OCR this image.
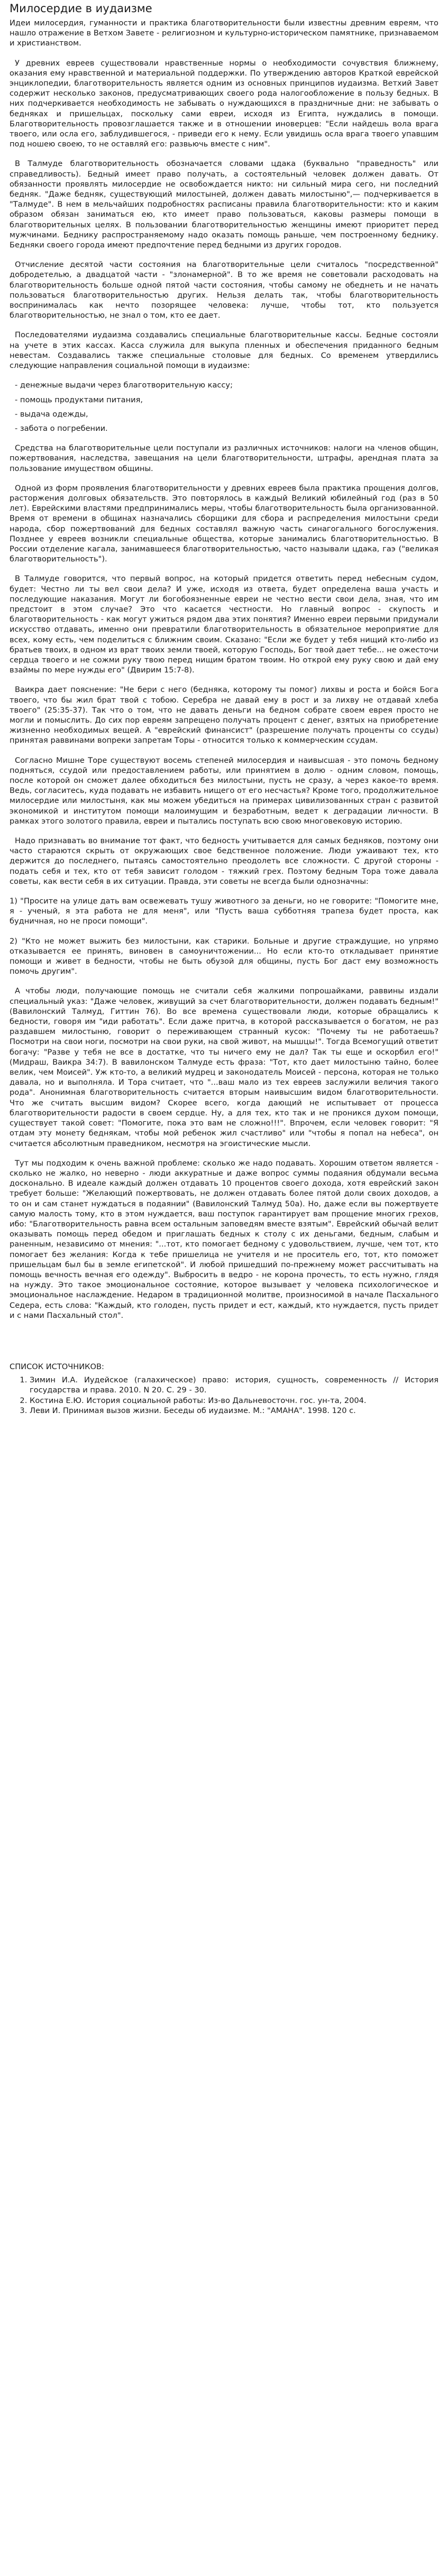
Милосердие в иудаизме

Идеи милосердия, гуманности и практика благотворительности были известны древним евреям, что нашло отражение в Ветхом Завете - религиозном и культурно-историческом памятнике, признаваемом и христианством.

У древних евреев существовали нравственные нормы о необходимости сочувствия ближнему, оказания ему нравственной и материальной поддержки. По утверждению авторов Краткой еврейской энциклопедии, благотворительность является одним из основных принципов иудаизма. Ветхий Завет содержит несколько законов, предусматривающих своего рода налогообложение в пользу бедных. В них подчеркивается необходимость не забывать о нуждающихся в праздничные дни: не забывать о бедняках и пришельцах, поскольку сами евреи, исходя из Египта, нуждались в помощи. Благотворительность провозглашается также и в отношении иноверцев: "Если найдешь вола врага твоего, или осла его, заблудившегося, - приведи его к нему. Если увидишь осла врага твоего упавшим под ношею своею, то не оставляй его: развьючь вместе с ним".

В Талмуде благотворительность обозначается словами цдака (буквально "праведность" или справедливость). Бедный имеет право получать, а состоятельный человек должен давать. От обязанности проявлять милосердие не освобождается никто: ни сильный мира сего, ни последний бедняк. "Даже бедняк, существующий милостыней, должен давать милостыню",— подчеркивается в "Талмуде". В нем в мельчайших подробностях расписаны правила благотворительности: кто и каким образом обязан заниматься ею, кто имеет право пользоваться, каковы размеры помощи в благотворительных целях. В пользовании благотворительностью женщины имеют приоритет перед мужчинами. Беднику распространяемому надо оказать помощь раньше, чем построенному беднику. Бедняки своего города имеют предпочтение перед бедными из других городов.

Отчисление десятой части состояния на благотворительные цели считалось "посредственной" добродетелью, а двадцатой части - "злонамерной". В то же время не советовали расходовать на благотворительность больше одной пятой части состояния, чтобы самому не обеднеть и не начать пользоваться благотворительностью других. Нельзя делать так, чтобы благотворительность воспринималась как нечто позорящее человека: лучше, чтобы тот, кто пользуется благотворительностью, не знал о том, кто ее дает.

Последователями иудаизма создавались специальные благотворительные кассы. Бедные состояли на учете в этих кассах. Касса служила для выкупа пленных и обеспечения приданного бедным невестам. Создавались также специальные столовые для бедных. Со временем утвердились следующие направления социальной помощи в иудаизме:

- денежные выдачи через благотворительную кассу;
- помощь продуктами питания,
- выдача одежды,
- забота о погребении.

Средства на благотворительные цели поступали из различных источников: налоги на членов общин, пожертвования, наследства, завещания на цели благотворительности, штрафы, арендная плата за пользование имуществом общины.

Одной из форм проявления благотворительности у древних евреев была практика прощения долгов, расторжения долговых обязательств. Это повторялось в каждый Великий юбилейный год (раз в 50 лет). Еврейскими властями предпринимались меры, чтобы благотворительность была организованной. Время от времени в общинах назначались сборщики для сбора и распределения милостыни среди народа, сбор пожертвований для бедных составлял важную часть синагогального богослужения. Позднее у евреев возникли специальные общества, которые занимались благотворительностью. В России отделение кагала, занимавшееся благотворительностью, часто называли цдака, гаэ ("великая благотворительность").

В Талмуде говорится, что первый вопрос, на который придется ответить перед небесным судом, будет: Честно ли ты вел свои дела? И уже, исходя из ответа, будет определена ваша участь и последующие наказания. Могут ли богобоязненные евреи не честно вести свои дела, зная, что им предстоит в этом случае? Это что касается честности. Но главный вопрос - скупость и благотворительность - как могут ужиться рядом два этих понятия? Именно евреи первыми придумали искусство отдавать, именно они превратили благотворительность в обязательное мероприятие для всех, кому есть, чем поделиться с ближним своим. Сказано: "Если же будет у тебя нищий кто-либо из братьев твоих, в одном из врат твоих земли твоей, которую Господь, Бог твой дает тебе... не ожесточи сердца твоего и не сожми руку твою перед нищим братом твоим. Но открой ему руку свою и дай ему взаймы по мере нужды его" (Двирим 15:7-8).

Ваикра дает пояснение: "Не бери с него (бедняка, которому ты помог) лихвы и роста и бойся Бога твоего, что бы жил брат твой с тобою. Серебра не давай ему в рост и за лихву не отдавай хлеба твоего" (25:35-37). Так что о том, что не давать деньги на бедном собрате своем еврея просто не могли и помыслить. До сих пор евреям запрещено получать процент с денег, взятых на приобретение жизненно необходимых вещей. А "еврейский финансист" (разрешение получать проценты со ссуды) принятая раввинами вопреки запретам Торы - относится только к коммерческим ссудам.

Согласно Мишне Торе существуют восемь степеней милосердия и наивысшая - это помочь бедному подняться, ссудой или предоставлением работы, или принятием в долю - одним словом, помощь, после которой он сможет далее обходиться без милостыни, пусть не сразу, а через какое-то время. Ведь, согласитесь, куда подавать не избавить нищего от его несчастья? Кроме того, продолжительное милосердие или милостыня, как мы можем убедиться на примерах цивилизованных стран с развитой экономикой и институтом помощи малоимущим и безработным, ведет к деградации личности. В рамках этого золотого правила, евреи и пытались поступать всю свою многовековую историю.

Надо признавать во внимание тот факт, что бедность учитывается для самых бедняков, поэтому они часто стараются скрыть от окружающих свое бедственное положение. Люди ужаивают тех, кто держится до последнего, пытаясь самостоятельно преодолеть все сложности. С другой стороны - подать себя и тех, кто от тебя зависит голодом - тяжкий грех. Поэтому бедным Тора тоже давала советы, как вести себя в их ситуации. Правда, эти советы не всегда были однозначны:

1) "Просите на улице дать вам освежевать тушу животного за деньги, но не говорите: "Помогите мне, я - ученый, я эта работа не для меня", или "Пусть ваша субботняя трапеза будет проста, как будничная, но не проси помощи".

2) "Кто не может выжить без милостыни, как старики. Больные и другие страждущие, но упрямо отказывается ее принять, виновен в самоуничтожении... Но если кто-то откладывает принятие помощи и живет в бедности, чтобы не быть обузой для общины, пусть Бог даст ему возможность помочь другим".

А чтобы люди, получающие помощь не считали себя жалкими попрошайками, раввины издали специальный указ: "Даже человек, живущий за счет благотворительности, должен подавать бедным!" (Вавилонский Талмуд, Гиттин 76). Во все времена существовали люди, которые обращались к бедности, говоря им "иди работать". Если даже притча, в которой рассказывается о богатом, не раз раздавшем милостыню, говорит о переживающем странный кусок: "Почему ты не работаешь? Посмотри на свои ноги, посмотри на свои руки, на свой живот, на мышцы!". Тогда Всемогущий ответит богачу: "Разве у тебя не все в достатке, что ты ничего ему не дал? Так ты еще и оскорбил его!" (Мидраш, Ваикра 34:7). В вавилонском Талмуде есть фраза: "Тот, кто дает милостыню тайно, более велик, чем Моисей". Уж кто-то, а великий мудрец и законодатель Моисей - персона, которая не только давала, но и выполняла. И Тора считает, что "...ваш мало из тех евреев заслужили величия такого рода". Анонимная благотворительность считается вторым наивысшим видом благотворительности. Что же считать высшим видом? Скорее всего, когда дающий не испытывает от процесса благотворительности радости в своем сердце. Ну, а для тех, кто так и не проникся духом помощи, существует такой совет: "Помогите, пока это вам не сложно!!!". Впрочем, если человек говорит: "Я отдам эту монету беднякам, чтобы мой ребенок жил счастливо" или "чтобы я попал на небеса", он считается абсолютным праведником, несмотря на эгоистические мысли.

Тут мы подходим к очень важной проблеме: сколько же надо подавать. Хорошим ответом является - сколько не жалко, но неверно - люди аккуратные и даже вопрос суммы подаяния обдумали весьма досконально. В идеале каждый должен отдавать 10 процентов своего дохода, хотя еврейский закон требует больше: "Желающий пожертвовать, не должен отдавать более пятой доли своих доходов, а то он и сам станет нуждаться в подаянии" (Вавилонский Талмуд 50а). Но, даже если вы пожертвуете самую малость тому, кто в этом нуждается, ваш поступок гарантирует вам прощение многих грехов, ибо: "Благотворительность равна всем остальным заповедям вместе взятым". Еврейский обычай велит оказывать помощь перед обедом и приглашать бедных к столу с их деньгами, бедным, слабым и раненным, независимо от мнения: "...тот, кто помогает бедному с удовольствием, лучше, чем тот, кто помогает без желания: Когда к тебе пришелица не учителя и не проситель его, тот, кто поможет пришельцам был бы в земле египетской". И любой пришедший по-прежнему может рассчитывать на помощь вечность вечная его одежду". Выбросить в ведро - не корона прочесть, то есть нужно, глядя на нужду. Это такое эмоциональное состояние, которое вызывает у человека психологическое и эмоциональное наслаждение. Недаром в традиционной молитве, произносимой в начале Пасхального Седера, есть слова: "Каждый, кто голоден, пусть придет и ест, каждый, кто нуждается, пусть придет и с нами Пасхальный стол".

СПИСОК ИСТОЧНИКОВ:
1. Зимин И.А. Иудейское (галахическое) право: история, сущность, современность // История государства и права. 2010. N 20. С. 29 - 30.
2. Костина Е.Ю. История социальной работы: Из-во Дальневосточн. гос. ун-та, 2004.
3. Леви И. Принимая вызов жизни. Беседы об иудаизме. М.: "АМАНА". 1998. 120 с.
